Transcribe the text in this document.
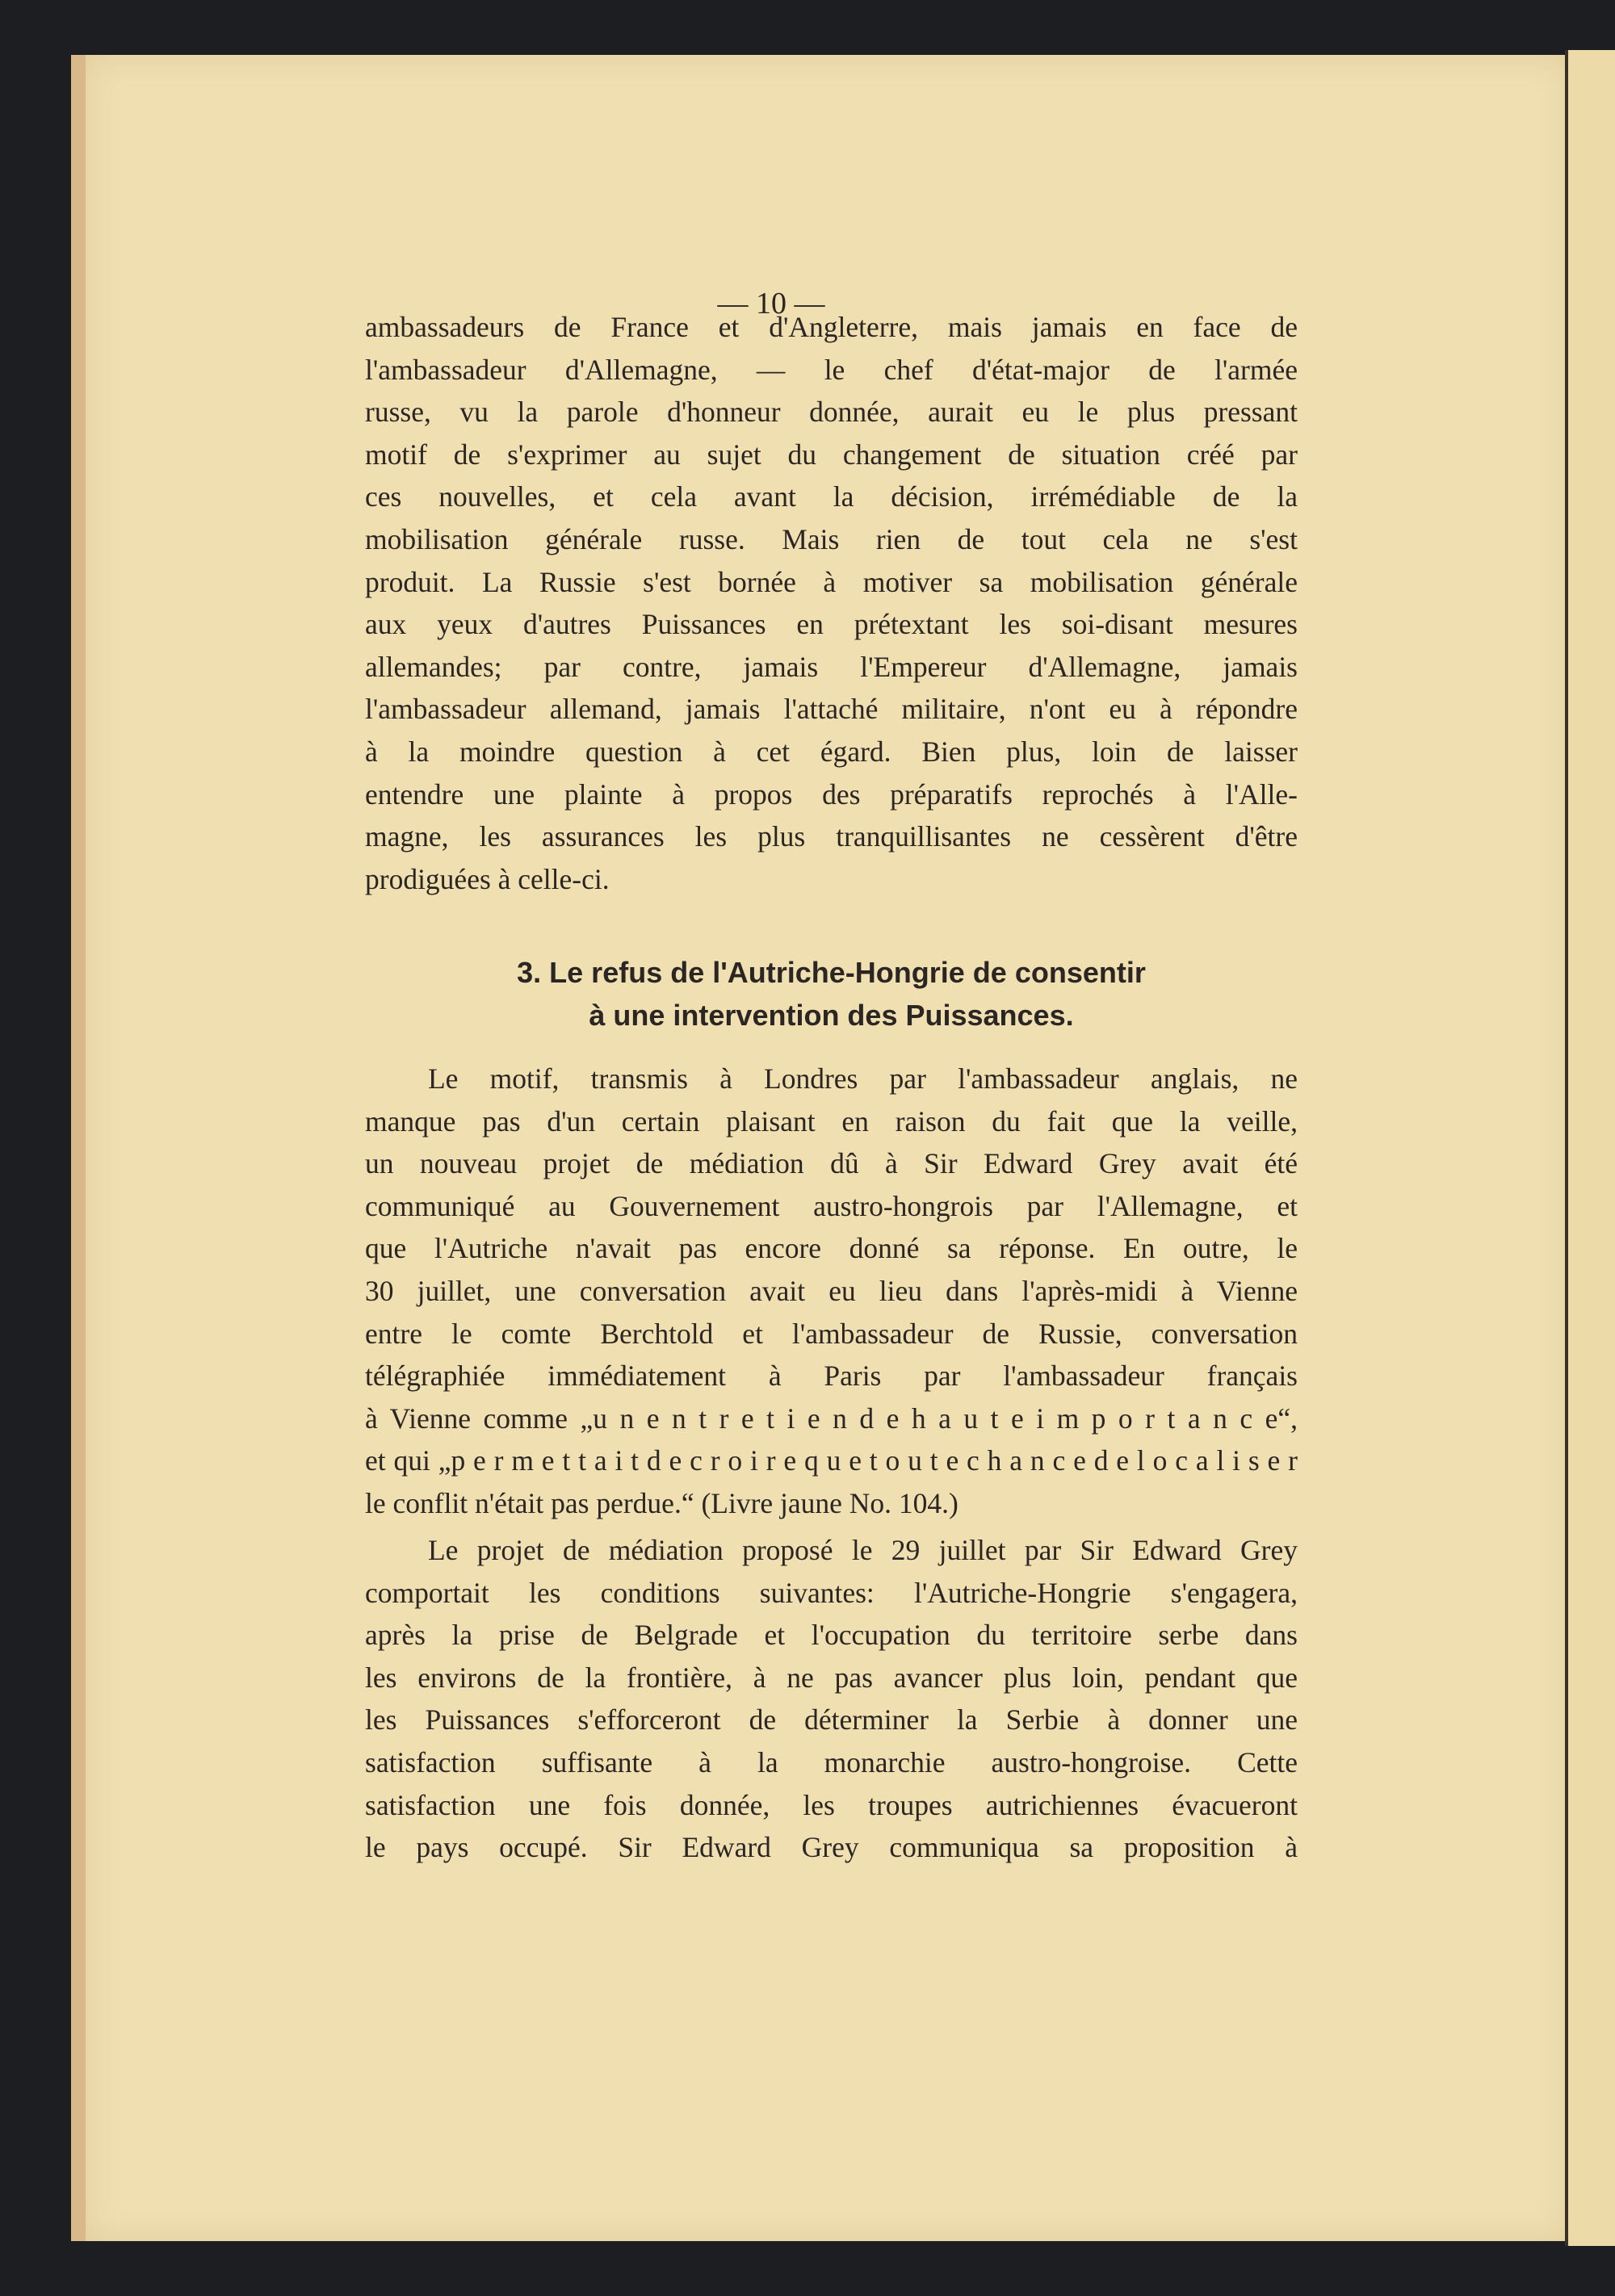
— 10 —
ambassadeurs de France et d'Angleterre, mais jamais en face de
l'ambassadeur d'Allemagne, — le chef d'état-major de l'armée
russe, vu la parole d'honneur donnée, aurait eu le plus pressant
motif de s'exprimer au sujet du changement de situation créé par
ces nouvelles, et cela avant la décision, irrémédiable de la
mobilisation générale russe. Mais rien de tout cela ne s'est
produit. La Russie s'est bornée à motiver sa mobilisation générale
aux yeux d'autres Puissances en prétextant les soi-disant mesures
allemandes; par contre, jamais l'Empereur d'Allemagne, jamais
l'ambassadeur allemand, jamais l'attaché militaire, n'ont eu à répondre
à la moindre question à cet égard. Bien plus, loin de laisser
entendre une plainte à propos des préparatifs reprochés à l'Alle-
magne, les assurances les plus tranquillisantes ne cessèrent d'être
prodiguées à celle-ci.
3. Le refus de l'Autriche-Hongrie de consentir
à une intervention des Puissances.
Le motif, transmis à Londres par l'ambassadeur anglais, ne
manque pas d'un certain plaisant en raison du fait que la veille,
un nouveau projet de médiation dû à Sir Edward Grey avait été
communiqué au Gouvernement austro-hongrois par l'Allemagne, et
que l'Autriche n'avait pas encore donné sa réponse. En outre, le
30 juillet, une conversation avait eu lieu dans l'après-midi à Vienne
entre le comte Berchtold et l'ambassadeur de Russie, conversation
télégraphiée immédiatement à Paris par l'ambassadeur français
à Vienne comme „u n e n t r e t i e n d e h a u t e i m p o r t a n c e“,
et qui „p e r m e t t a i t d e c r o i r e q u e t o u t e c h a n c e d e l o c a l i s e r
le conflit n'était pas perdue.“ (Livre jaune No. 104.)
Le projet de médiation proposé le 29 juillet par Sir Edward Grey
comportait les conditions suivantes: l'Autriche-Hongrie s'engagera,
après la prise de Belgrade et l'occupation du territoire serbe dans
les environs de la frontière, à ne pas avancer plus loin, pendant que
les Puissances s'efforceront de déterminer la Serbie à donner une
satisfaction suffisante à la monarchie austro-hongroise. Cette
satisfaction une fois donnée, les troupes autrichiennes évacueront
le pays occupé. Sir Edward Grey communiqua sa proposition à
